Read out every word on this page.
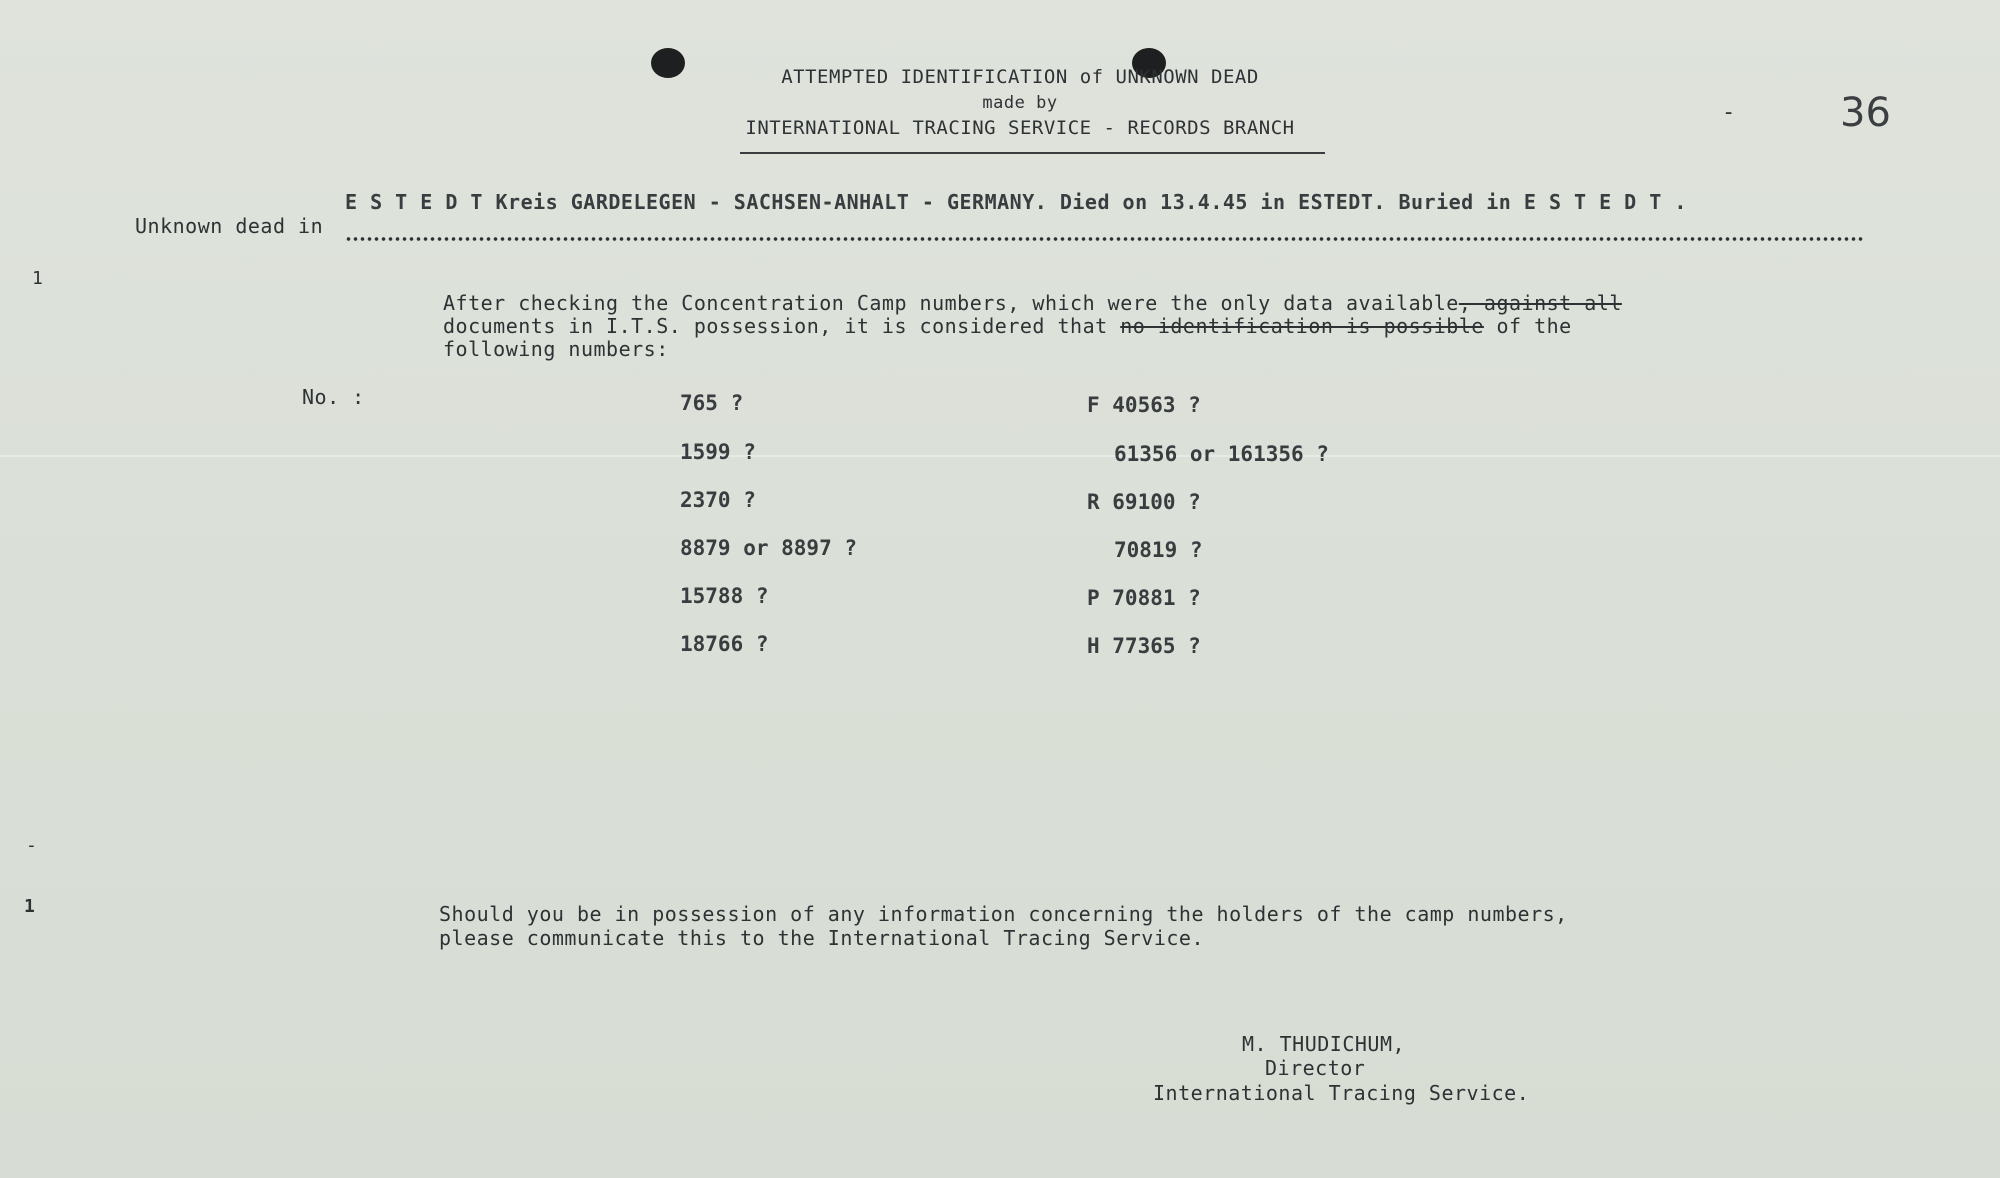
ATTEMPTED IDENTIFICATION of UNKNOWN DEAD
made by
INTERNATIONAL TRACING SERVICE - RECORDS BRANCH
-	36
E S T E D T Kreis GARDELEGEN - SACHSEN-ANHALT - GERMANY. Died on 13.4.45 in ESTEDT. Buried in E S T E D T .
Unknown dead in
1
-
1
After checking the Concentration Camp numbers, which were the only data available, against all
documents in I.T.S. possession, it is considered that no identification is possible of the
following numbers:
No. :	765 ?
1599 ?
2370 ?
8879 or 8897 ?
15788 ?
18766 ?
F 40563 ?
61356 or 161356 ?
R 69100 ?
70819 ?
P 70881 ?
H 77365 ?
Should you be in possession of any information concerning the holders of the camp numbers,
please communicate this to the International Tracing Service.
M. THUDICHUM,
Director
International Tracing Service.
